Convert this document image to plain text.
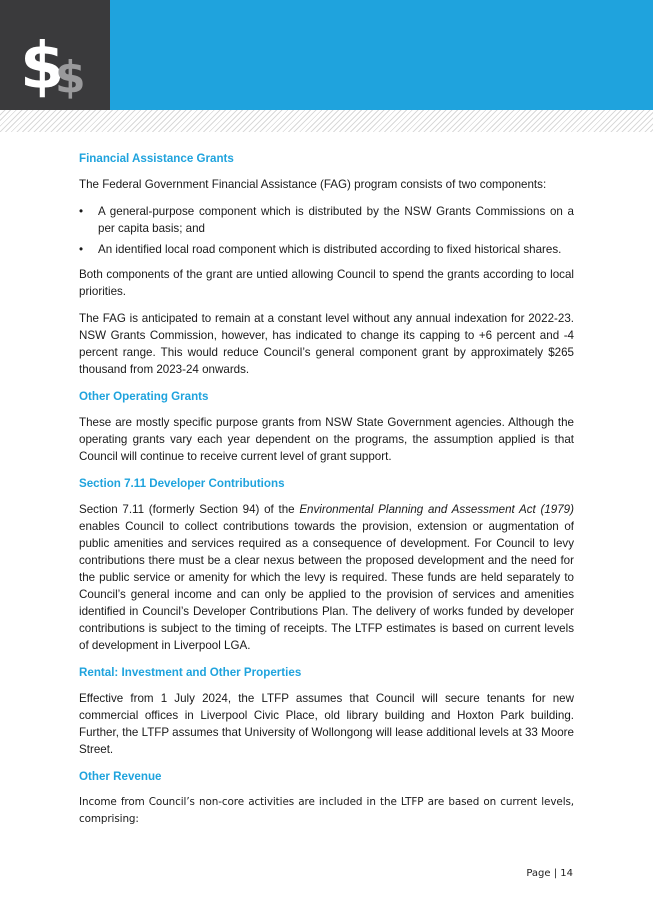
$
$
Financial Assistance Grants

The Federal Government Financial Assistance (FAG) program consists of two components:

• A general-purpose component which is distributed by the NSW Grants Commissions on a per capita basis; and
• An identified local road component which is distributed according to fixed historical shares.

Both components of the grant are untied allowing Council to spend the grants according to local priorities.

The FAG is anticipated to remain at a constant level without any annual indexation for 2022-23. NSW Grants Commission, however, has indicated to change its capping to +6 percent and -4 percent range. This would reduce Council’s general component grant by approximately $265 thousand from 2023-24 onwards.

Other Operating Grants

These are mostly specific purpose grants from NSW State Government agencies. Although the operating grants vary each year dependent on the programs, the assumption applied is that Council will continue to receive current level of grant support.

Section 7.11 Developer Contributions

Section 7.11 (formerly Section 94) of the Environmental Planning and Assessment Act (1979) enables Council to collect contributions towards the provision, extension or augmentation of public amenities and services required as a consequence of development. For Council to levy contributions there must be a clear nexus between the proposed development and the need for the public service or amenity for which the levy is required. These funds are held separately to Council’s general income and can only be applied to the provision of services and amenities identified in Council’s Developer Contributions Plan. The delivery of works funded by developer contributions is subject to the timing of receipts. The LTFP estimates is based on current levels of development in Liverpool LGA.

Rental: Investment and Other Properties

Effective from 1 July 2024, the LTFP assumes that Council will secure tenants for new commercial offices in Liverpool Civic Place, old library building and Hoxton Park building. Further, the LTFP assumes that University of Wollongong will lease additional levels at 33 Moore Street.

Other Revenue

Income from Council’s non-core activities are included in the LTFP are based on current levels, comprising:

Page | 14
